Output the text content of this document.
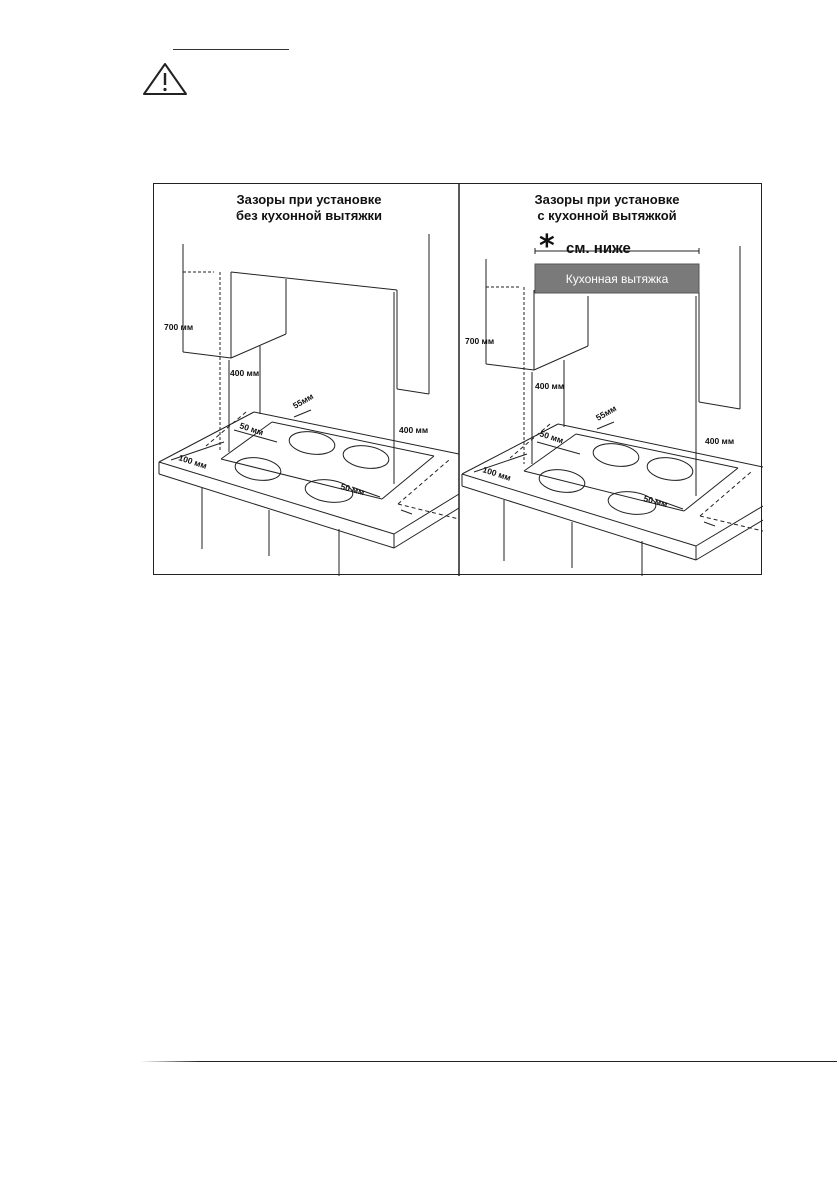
700 мм
400 мм
55мм
50 мм
100 мм
50 мм
400 мм
* см. ниже
Кухонная вытяжка
700 мм
400 мм
55мм
50 мм
100 мм
50 мм
400 мм
Зазоры при установке
без кухонной вытяжки
Зазоры при установке
с кухонной вытяжкой
